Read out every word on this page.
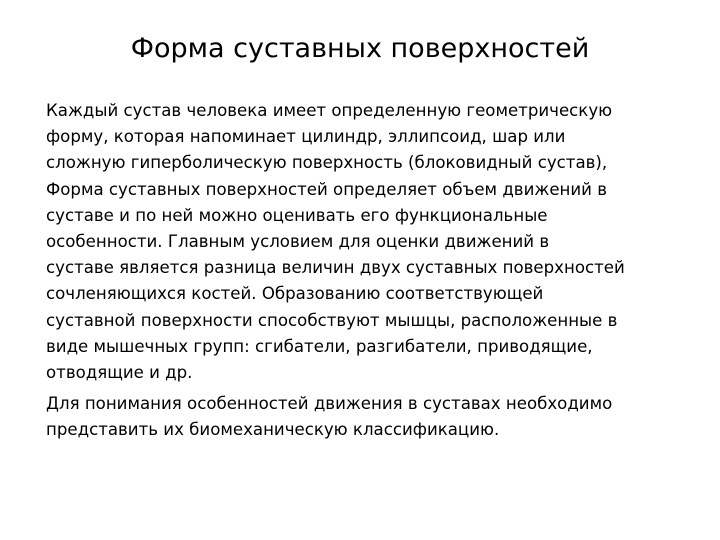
Форма суставных поверхностей

Каждый сустав человека имеет определенную геометрическую
форму, которая напоминает цилиндр, эллипсоид, шар или
сложную гиперболическую поверхность (блоковидный сустав),
Форма суставных поверхностей определяет объем движений в
суставе и по ней можно оценивать его функциональные
особенности. Главным условием для оценки движений в
суставе является разница величин двух суставных поверхностей
сочленяющихся костей. Образованию соответствующей
суставной поверхности способствуют мышцы, расположенные в
виде мышечных групп: сгибатели, разгибатели, приводящие,
отводящие и др.

Для понимания особенностей движения в суставах необходимо
представить их биомеханическую классификацию.
